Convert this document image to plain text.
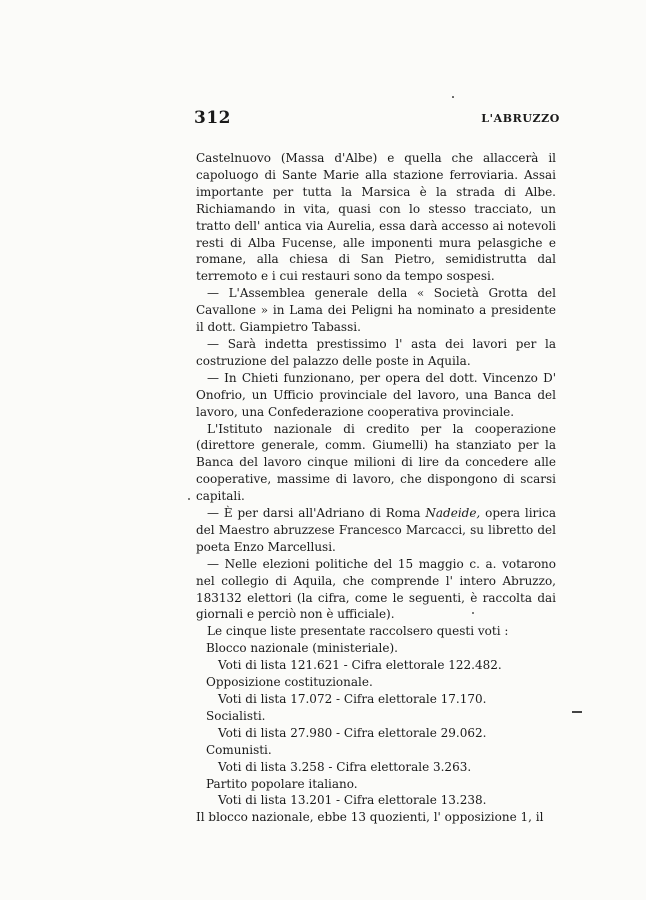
312	L'ABRUZZO

Castelnuovo (Massa d'Albe) e quella che allaccerà il capoluogo di Sante Marie alla stazione ferroviaria. Assai importante per tutta la Marsica è la strada di Albe. Richiamando in vita, quasi con lo stesso tracciato, un tratto dell' antica via Aurelia, essa darà accesso ai notevoli resti di Alba Fucense, alle imponenti mura pelasgiche e romane, alla chiesa di San Pietro, semidistrutta dal terremoto e i cui restauri sono da tempo sospesi.

— L'Assemblea generale della « Società Grotta del Cavallone » in Lama dei Peligni ha nominato a presidente il dott. Giampietro Tabassi.

— Sarà indetta prestissimo l' asta dei lavori per la costruzione del palazzo delle poste in Aquila.

— In Chieti funzionano, per opera del dott. Vincenzo D' Onofrio, un Ufficio provinciale del lavoro, una Banca del lavoro, una Confederazione cooperativa provinciale.

L'Istituto nazionale di credito per la cooperazione (direttore generale, comm. Giumelli) ha stanziato per la Banca del lavoro cinque milioni di lire da concedere alle cooperative, massime di lavoro, che dispongono di scarsi capitali.

— È per darsi all'Adriano di Roma Nadeide, opera lirica del Maestro abruzzese Francesco Marcacci, su libretto del poeta Enzo Marcellusi.

— Nelle elezioni politiche del 15 maggio c. a. votarono nel collegio di Aquila, che comprende l' intero Abruzzo, 183132 elettori (la cifra, come le seguenti, è raccolta dai giornali e perciò non è ufficiale).

Le cinque liste presentate raccolsero questi voti :

Blocco nazionale (ministeriale).

Voti di lista 121.621 - Cifra elettorale 122.482.

Opposizione costituzionale.

Voti di lista 17.072 - Cifra elettorale 17.170.

Socialisti.

Voti di lista 27.980 - Cifra elettorale 29.062.

Comunisti.

Voti di lista 3.258 - Cifra elettorale 3.263.

Partito popolare italiano.

Voti di lista 13.201 - Cifra elettorale 13.238.

Il blocco nazionale, ebbe 13 quozienti, l' opposizione 1, il
